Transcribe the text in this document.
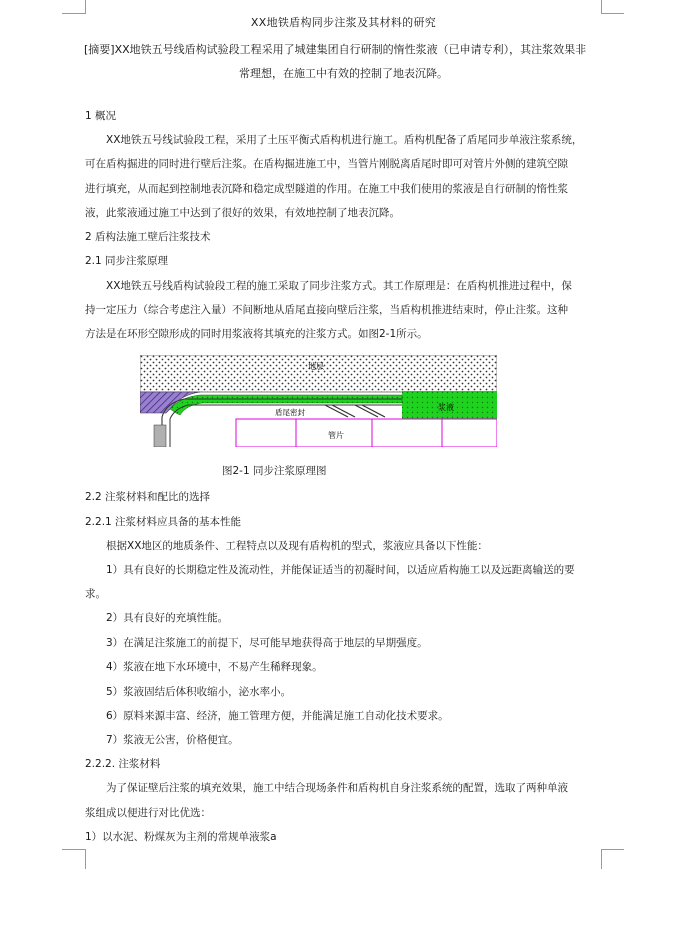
XX地铁盾构同步注浆及其材料的研究
[摘要]XX地铁五号线盾构试验段工程采用了城建集团自行研制的惰性浆液（已申请专利），其注浆效果非
常理想，在施工中有效的控制了地表沉降。
1 概况
XX地铁五号线试验段工程，采用了土压平衡式盾构机进行施工。盾构机配备了盾尾同步单液注浆系统，
可在盾构掘进的同时进行壁后注浆。在盾构掘进施工中，当管片刚脱离盾尾时即可对管片外侧的建筑空隙
进行填充，从而起到控制地表沉降和稳定成型隧道的作用。在施工中我们使用的浆液是自行研制的惰性浆
液，此浆液通过施工中达到了很好的效果，有效地控制了地表沉降。
2 盾构法施工壁后注浆技术
2.1 同步注浆原理
XX地铁五号线盾构试验段工程的施工采取了同步注浆方式。其工作原理是：在盾构机推进过程中，保
持一定压力（综合考虑注入量）不间断地从盾尾直接向壁后注浆，当盾构机推进结束时，停止注浆。这种
方法是在环形空隙形成的同时用浆液将其填充的注浆方式。如图2-1所示。
地层
浆液
盾尾密封
管片
图2-1 同步注浆原理图
2.2 注浆材料和配比的选择
2.2.1 注浆材料应具备的基本性能
根据XX地区的地质条件、工程特点以及现有盾构机的型式，浆液应具备以下性能：
1）具有良好的长期稳定性及流动性，并能保证适当的初凝时间，以适应盾构施工以及远距离输送的要
求。
2）具有良好的充填性能。
3）在满足注浆施工的前提下，尽可能早地获得高于地层的早期强度。
4）浆液在地下水环境中，不易产生稀释现象。
5）浆液固结后体积收缩小，泌水率小。
6）原料来源丰富、经济，施工管理方便，并能满足施工自动化技术要求。
7）浆液无公害，价格便宜。
2.2.2. 注浆材料
为了保证壁后注浆的填充效果，施工中结合现场条件和盾构机自身注浆系统的配置，选取了两种单液
浆组成以便进行对比优选：
1）以水泥、粉煤灰为主剂的常规单液浆a
